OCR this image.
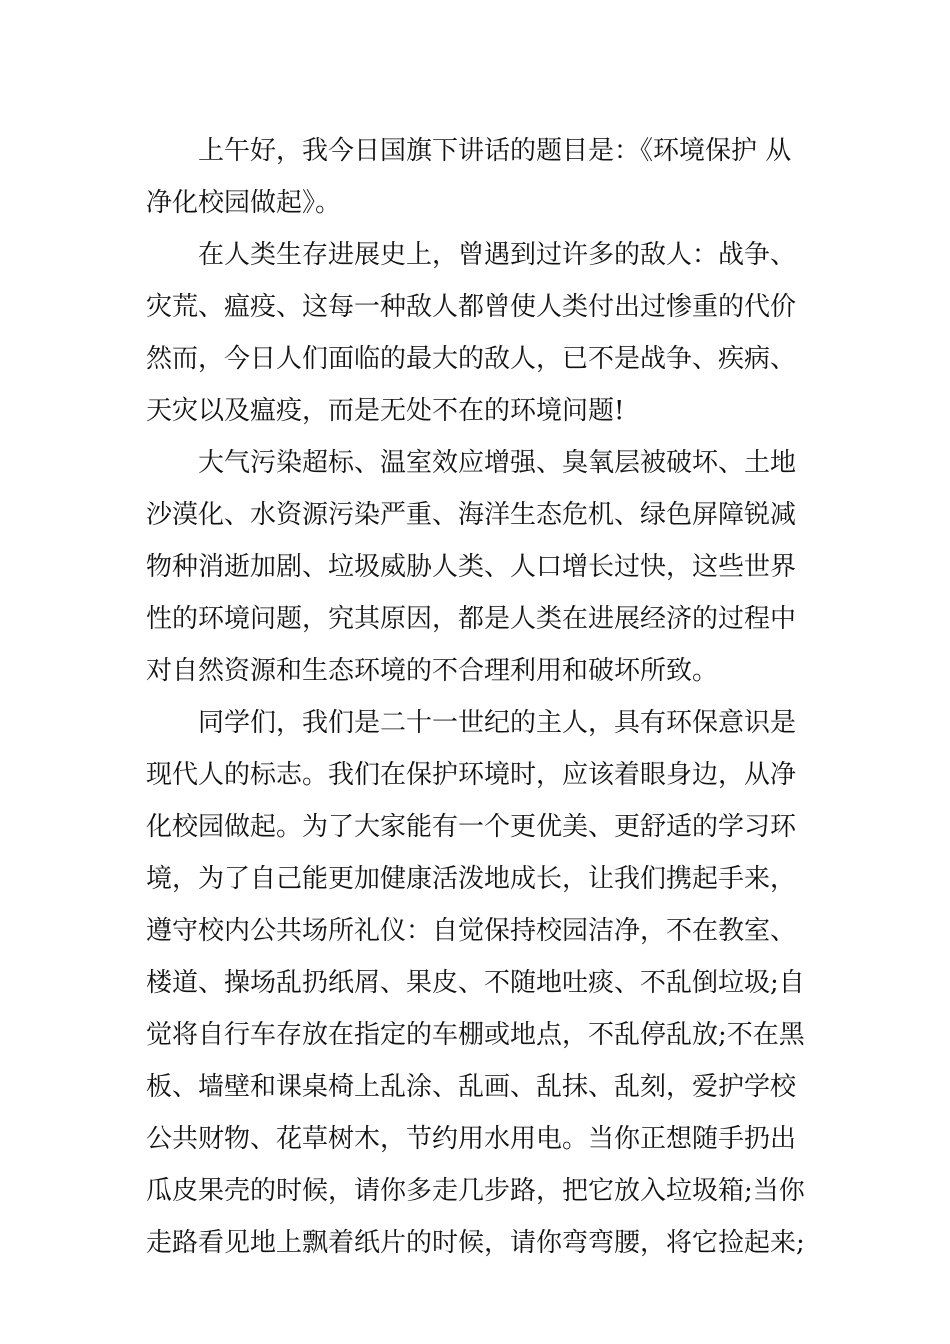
上午好，我今日国旗下讲话的题目是：《环境保护 从
净化校园做起》。
在人类生存进展史上，曾遇到过许多的敌人：战争、
灾荒、瘟疫、这每一种敌人都曾使人类付出过惨重的代价
然而，今日人们面临的最大的敌人，已不是战争、疾病、
天灾以及瘟疫，而是无处不在的环境问题!
大气污染超标、温室效应增强、臭氧层被破坏、土地
沙漠化、水资源污染严重、海洋生态危机、绿色屏障锐减
物种消逝加剧、垃圾威胁人类、人口增长过快，这些世界
性的环境问题，究其原因，都是人类在进展经济的过程中
对自然资源和生态环境的不合理利用和破坏所致。
同学们，我们是二十一世纪的主人，具有环保意识是
现代人的标志。我们在保护环境时，应该着眼身边，从净
化校园做起。为了大家能有一个更优美、更舒适的学习环
境，为了自己能更加健康活泼地成长，让我们携起手来，
遵守校内公共场所礼仪：自觉保持校园洁净，不在教室、
楼道、操场乱扔纸屑、果皮、不随地吐痰、不乱倒垃圾;自
觉将自行车存放在指定的车棚或地点，不乱停乱放;不在黑
板、墙壁和课桌椅上乱涂、乱画、乱抹、乱刻，爱护学校
公共财物、花草树木，节约用水用电。当你正想随手扔出
瓜皮果壳的时候，请你多走几步路，把它放入垃圾箱;当你
走路看见地上飘着纸片的时候，请你弯弯腰，将它捡起来;
